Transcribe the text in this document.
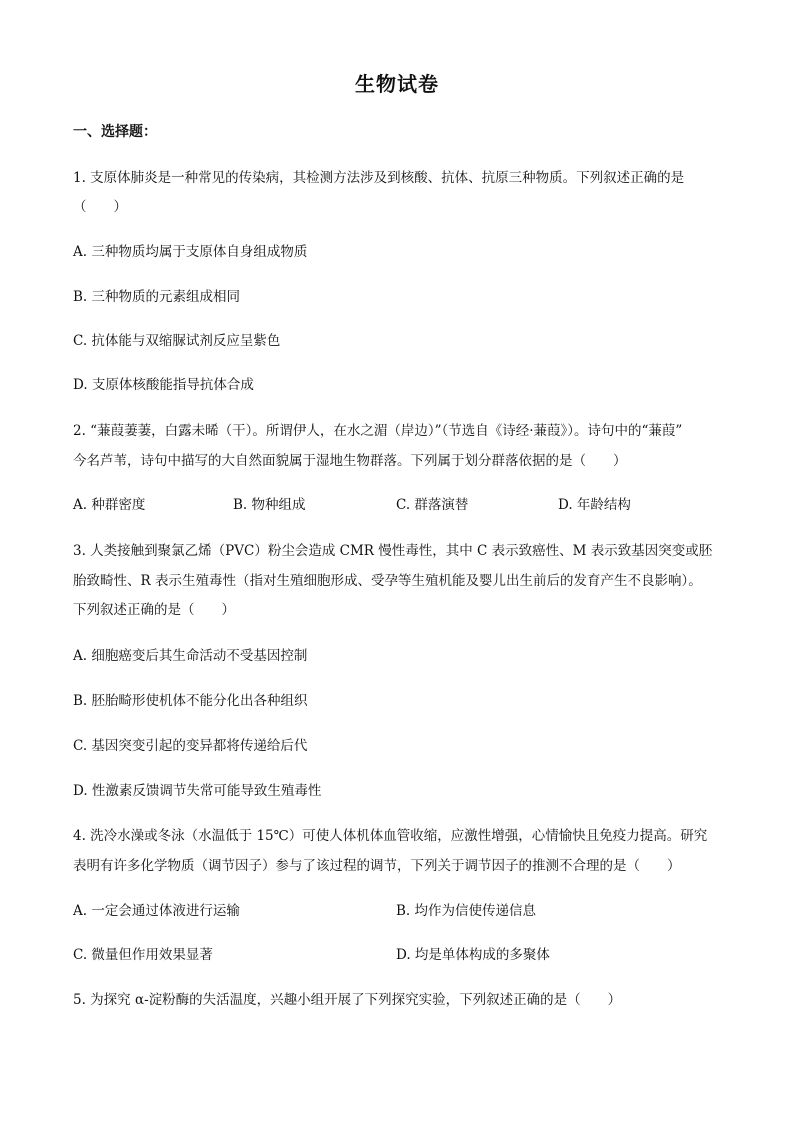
生物试卷
一、选择题：
1. 支原体肺炎是一种常见的传染病，其检测方法涉及到核酸、抗体、抗原三种物质。下列叙述正确的是
（　　）
A. 三种物质均属于支原体自身组成物质
B. 三种物质的元素组成相同
C. 抗体能与双缩脲试剂反应呈紫色
D. 支原体核酸能指导抗体合成
2. “蒹葭萋萋，白露未晞（干）。所谓伊人，在水之湄（岸边）”（节选自《诗经·蒹葭》）。诗句中的“蒹葭”
今名芦苇，诗句中描写的大自然面貌属于湿地生物群落。下列属于划分群落依据的是（　　）
A. 种群密度	B. 物种组成	C. 群落演替	D. 年龄结构
3. 人类接触到聚氯乙烯（PVC）粉尘会造成 CMR 慢性毒性，其中 C 表示致癌性、M 表示致基因突变或胚
胎致畸性、R 表示生殖毒性（指对生殖细胞形成、受孕等生殖机能及婴儿出生前后的发育产生不良影响）。
下列叙述正确的是（　　）
A. 细胞癌变后其生命活动不受基因控制
B. 胚胎畸形使机体不能分化出各种组织
C. 基因突变引起的变异都将传递给后代
D. 性激素反馈调节失常可能导致生殖毒性
4. 洗冷水澡或冬泳（水温低于 15℃）可使人体机体血管收缩，应激性增强，心情愉快且免疫力提高。研究
表明有许多化学物质（调节因子）参与了该过程的调节，下列关于调节因子的推测不合理的是（　　）
A. 一定会通过体液进行运输	B. 均作为信使传递信息
C. 微量但作用效果显著	D. 均是单体构成的多聚体
5. 为探究 α-淀粉酶的失活温度，兴趣小组开展了下列探究实验，下列叙述正确的是（　　）
